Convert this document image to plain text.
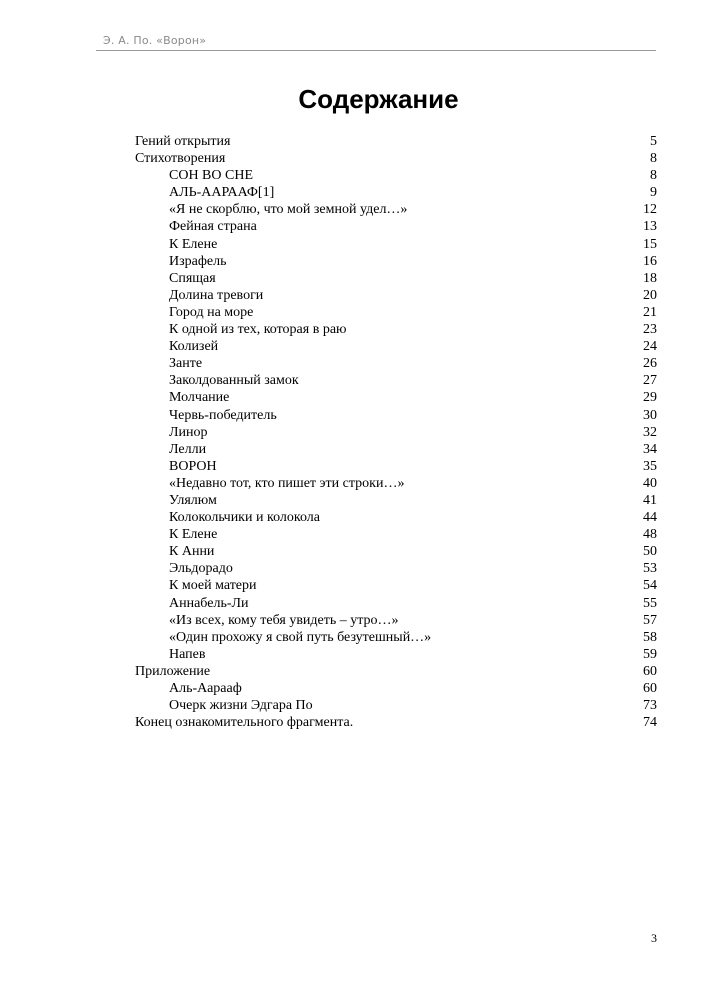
Э. А. По. «Ворон»
Содержание
Гений открытия	5
Стихотворения	8
СОН ВО СНЕ	8
АЛЬ-ААРААФ[1]	9
«Я не скорблю, что мой земной удел…»	12
Фейная страна	13
К Елене	15
Израфель	16
Спящая	18
Долина тревоги	20
Город на море	21
К одной из тех, которая в раю	23
Колизей	24
Занте	26
Заколдованный замок	27
Молчание	29
Червь-победитель	30
Линор	32
Лелли	34
ВОРОН	35
«Недавно тот, кто пишет эти строки…»	40
Улялюм	41
Колокольчики и колокола	44
К Елене	48
К Анни	50
Эльдорадо	53
К моей матери	54
Аннабель-Ли	55
«Из всех, кому тебя увидеть – утро…»	57
«Один прохожу я свой путь безутешный…»	58
Напев	59
Приложение	60
Аль-Аараaф	60
Очерк жизни Эдгара По	73
Конец ознакомительного фрагмента.	74
3
